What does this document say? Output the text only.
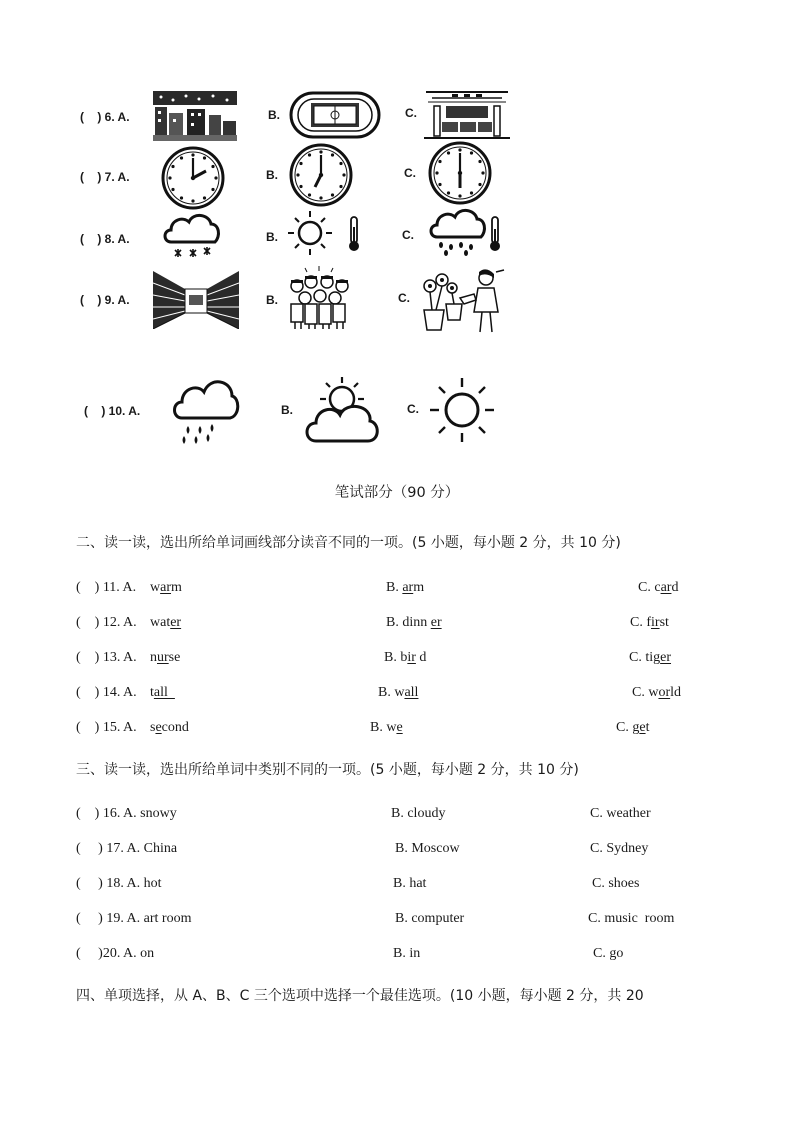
(    ) 6. A.	B.	C.
(    ) 7. A.	B.	C.
(    ) 8. A.	B.	C.
(    ) 9. A.	B.	C.
(    ) 10. A.	B.	C.
笔试部分（90 分）
二、读一读，选出所给单词画线部分读音不同的一项。(5 小题，每小题 2 分，共 10 分)
(    ) 11. A. warm	B. arm	C. card
(    ) 12. A. water	B. dinn er	C. first
(    ) 13. A. nurse	B. bir d	C. tiger
(    ) 14. A. tall	B. wall	C. world
(    ) 15. A. second	B. we	C. get
三、读一读，选出所给单词中类别不同的一项。(5 小题，每小题 2 分，共 10 分)
(    ) 16. A. snowy	B. cloudy	C. weather
(     ) 17. A. China	B. Moscow	C. Sydney
(     ) 18. A. hot	B. hat	C. shoes
(     ) 19. A. art room	B. computer	C. music  room
(     )20. A. on	B. in	C. go
四、单项选择，从 A、B、C 三个选项中选择一个最佳选项。(10 小题，每小题 2 分，共 20
